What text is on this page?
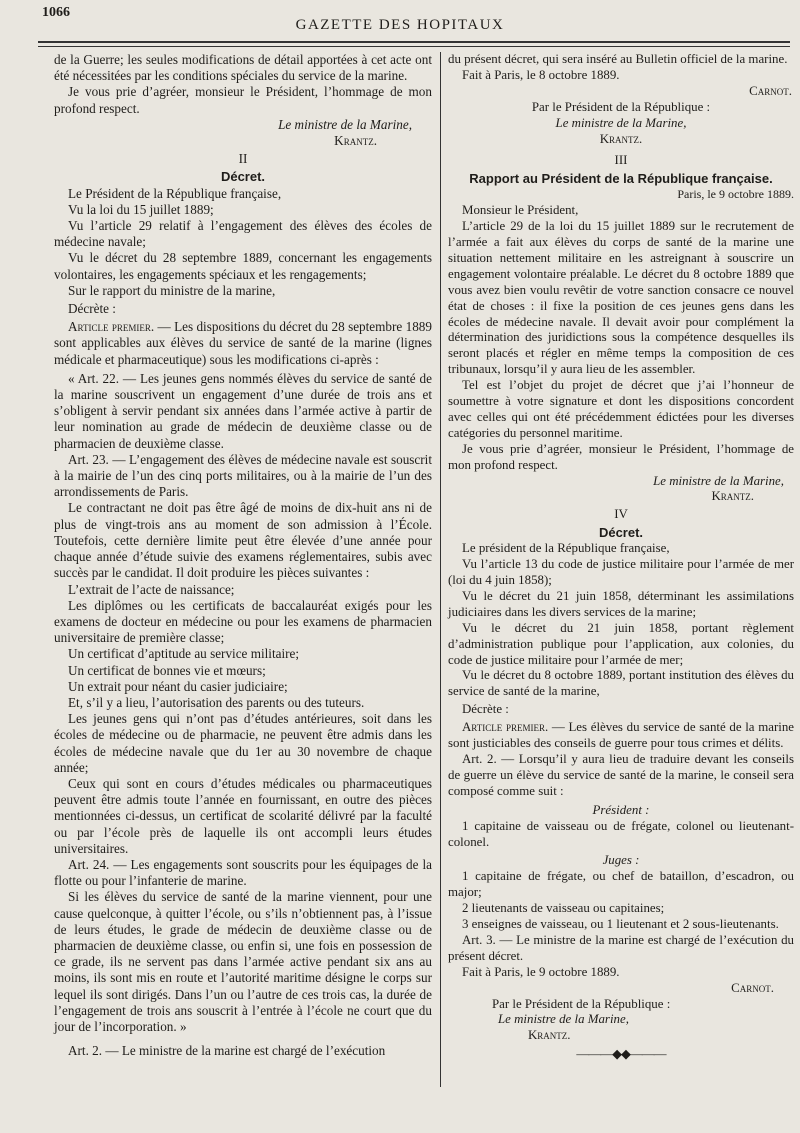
1066
GAZETTE DES HOPITAUX

de la Guerre; les seules modifications de détail apportées à cet acte ont été nécessitées par les conditions spéciales du service de la marine.

Je vous prie d’agréer, monsieur le Président, l’hommage de mon profond respect.

Le ministre de la Marine,

Krantz.

II

Décret.

Le Président de la République française,

Vu la loi du 15 juillet 1889;

Vu l’article 29 relatif à l’engagement des élèves des écoles de médecine navale;

Vu le décret du 28 septembre 1889, concernant les engagements volontaires, les engagements spéciaux et les rengagements;

Sur le rapport du ministre de la marine,

Décrète :

Article premier. — Les dispositions du décret du 28 septembre 1889 sont applicables aux élèves du service de santé de la marine (lignes médicale et pharmaceutique) sous les modifications ci-après :

« Art. 22. — Les jeunes gens nommés élèves du service de santé de la marine souscrivent un engagement d’une durée de trois ans et s’obligent à servir pendant six années dans l’armée active à partir de leur nomination au grade de médecin de deuxième classe ou de pharmacien de deuxième classe.

Art. 23. — L’engagement des élèves de médecine navale est souscrit à la mairie de l’un des cinq ports militaires, ou à la mairie de l’un des arrondissements de Paris.

Le contractant ne doit pas être âgé de moins de dix-huit ans ni de plus de vingt-trois ans au moment de son admission à l’École. Toutefois, cette dernière limite peut être élevée d’une année pour chaque année d’étude suivie des examens réglementaires, subis avec succès par le candidat. Il doit produire les pièces suivantes :

L’extrait de l’acte de naissance;

Les diplômes ou les certificats de baccalauréat exigés pour les examens de docteur en médecine ou pour les examens de pharmacien universitaire de première classe;

Un certificat d’aptitude au service militaire;

Un certificat de bonnes vie et mœurs;

Un extrait pour néant du casier judiciaire;

Et, s’il y a lieu, l’autorisation des parents ou des tuteurs.

Les jeunes gens qui n’ont pas d’études antérieures, soit dans les écoles de médecine ou de pharmacie, ne peuvent être admis dans les écoles de médecine navale que du 1er au 30 novembre de chaque année;

Ceux qui sont en cours d’études médicales ou pharmaceutiques peuvent être admis toute l’année en fournissant, en outre des pièces mentionnées ci-dessus, un certificat de scolarité délivré par la faculté ou par l’école près de laquelle ils ont accompli leurs études universitaires.

Art. 24. — Les engagements sont souscrits pour les équipages de la flotte ou pour l’infanterie de marine.

Si les élèves du service de santé de la marine viennent, pour une cause quelconque, à quitter l’école, ou s’ils n’obtiennent pas, à l’issue de leurs études, le grade de médecin de deuxième classe ou de pharmacien de deuxième classe, ou enfin si, une fois en possession de ce grade, ils ne servent pas dans l’armée active pendant six ans au moins, ils sont mis en route et l’autorité maritime désigne le corps sur lequel ils sont dirigés. Dans l’un ou l’autre de ces trois cas, la durée de l’engagement de trois ans souscrit à l’entrée à l’école ne court que du jour de l’incorporation. »

Art. 2. — Le ministre de la marine est chargé de l’exécution

du présent décret, qui sera inséré au Bulletin officiel de la marine.

Fait à Paris, le 8 octobre 1889.

Carnot.

Par le Président de la République :

Le ministre de la Marine,

Krantz.

III

Rapport au Président de la République française.

Paris, le 9 octobre 1889.

Monsieur le Président,

L’article 29 de la loi du 15 juillet 1889 sur le recrutement de l’armée a fait aux élèves du corps de santé de la marine une situation nettement militaire en les astreignant à souscrire un engagement volontaire préalable. Le décret du 8 octobre 1889 que vous avez bien voulu revêtir de votre sanction consacre ce nouvel état de choses : il fixe la position de ces jeunes gens dans les écoles de médecine navale. Il devait avoir pour complément la détermination des juridictions sous la compétence desquelles ils seront placés et régler en même temps la composition de ces tribunaux, lorsqu’il y aura lieu de les assembler.

Tel est l’objet du projet de décret que j’ai l’honneur de soumettre à votre signature et dont les dispositions concordent avec celles qui ont été précédemment édictées pour les diverses catégories du personnel maritime.

Je vous prie d’agréer, monsieur le Président, l’hommage de mon profond respect.

Le ministre de la Marine,

Krantz.

IV

Décret.

Le président de la République française,

Vu l’article 13 du code de justice militaire pour l’armée de mer (loi du 4 juin 1858);

Vu le décret du 21 juin 1858, déterminant les assimilations judiciaires dans les divers services de la marine;

Vu le décret du 21 juin 1858, portant règlement d’administration publique pour l’application, aux colonies, du code de justice militaire pour l’armée de mer;

Vu le décret du 8 octobre 1889, portant institution des élèves du service de santé de la marine,

Décrète :

Article premier. — Les élèves du service de santé de la marine sont justiciables des conseils de guerre pour tous crimes et délits.

Art. 2. — Lorsqu’il y aura lieu de traduire devant les conseils de guerre un élève du service de santé de la marine, le conseil sera composé comme suit :

Président :

1 capitaine de vaisseau ou de frégate, colonel ou lieutenant-colonel.

Juges :

1 capitaine de frégate, ou chef de bataillon, d’escadron, ou major;

2 lieutenants de vaisseau ou capitaines;

3 enseignes de vaisseau, ou 1 lieutenant et 2 sous-lieutenants.

Art. 3. — Le ministre de la marine est chargé de l’exécution du présent décret.

Fait à Paris, le 9 octobre 1889.

Carnot.

Par le Président de la République :

Le ministre de la Marine,

Krantz.

———◆◆———
